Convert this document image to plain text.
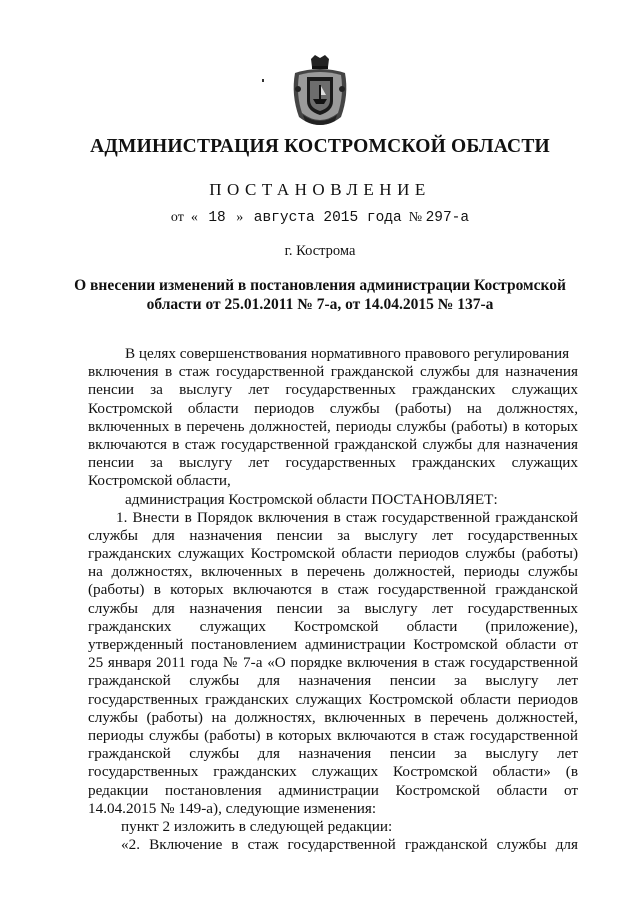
АДМИНИСТРАЦИЯ КОСТРОМСКОЙ ОБЛАСТИ
ПОСТАНОВЛЕНИЕ
от « 18 » августа 2015 года № 297-а
г. Кострома
О внесении изменений в постановления администрации Костромской
области от 25.01.2011 № 7-а, от 14.04.2015 № 137-а
В целях совершенствования нормативного правового регулирования
включения в стаж государственной гражданской службы для назначения
пенсии за выслугу лет государственных гражданских служащих
Костромской области периодов службы (работы) на должностях,
включенных в перечень должностей, периоды службы (работы) в которых
включаются в стаж государственной гражданской службы для назначения
пенсии за выслугу лет государственных гражданских служащих
Костромской области,
администрация Костромской области ПОСТАНОВЛЯЕТ:
1. Внести в Порядок включения в стаж государственной гражданской
службы для назначения пенсии за выслугу лет государственных
гражданских служащих Костромской области периодов службы (работы)
на должностях, включенных в перечень должностей, периоды службы
(работы) в которых включаются в стаж государственной гражданской
службы для назначения пенсии за выслугу лет государственных
гражданских служащих Костромской области (приложение),
утвержденный постановлением администрации Костромской области от
25 января 2011 года № 7-а «О порядке включения в стаж государственной
гражданской службы для назначения пенсии за выслугу лет
государственных гражданских служащих Костромской области периодов
службы (работы) на должностях, включенных в перечень должностей,
периоды службы (работы) в которых включаются в стаж государственной
гражданской службы для назначения пенсии за выслугу лет
государственных гражданских служащих Костромской области» (в
редакции постановления администрации Костромской области от
14.04.2015 № 149-а), следующие изменения:
пункт 2 изложить в следующей редакции:
«2. Включение в стаж государственной гражданской службы для
